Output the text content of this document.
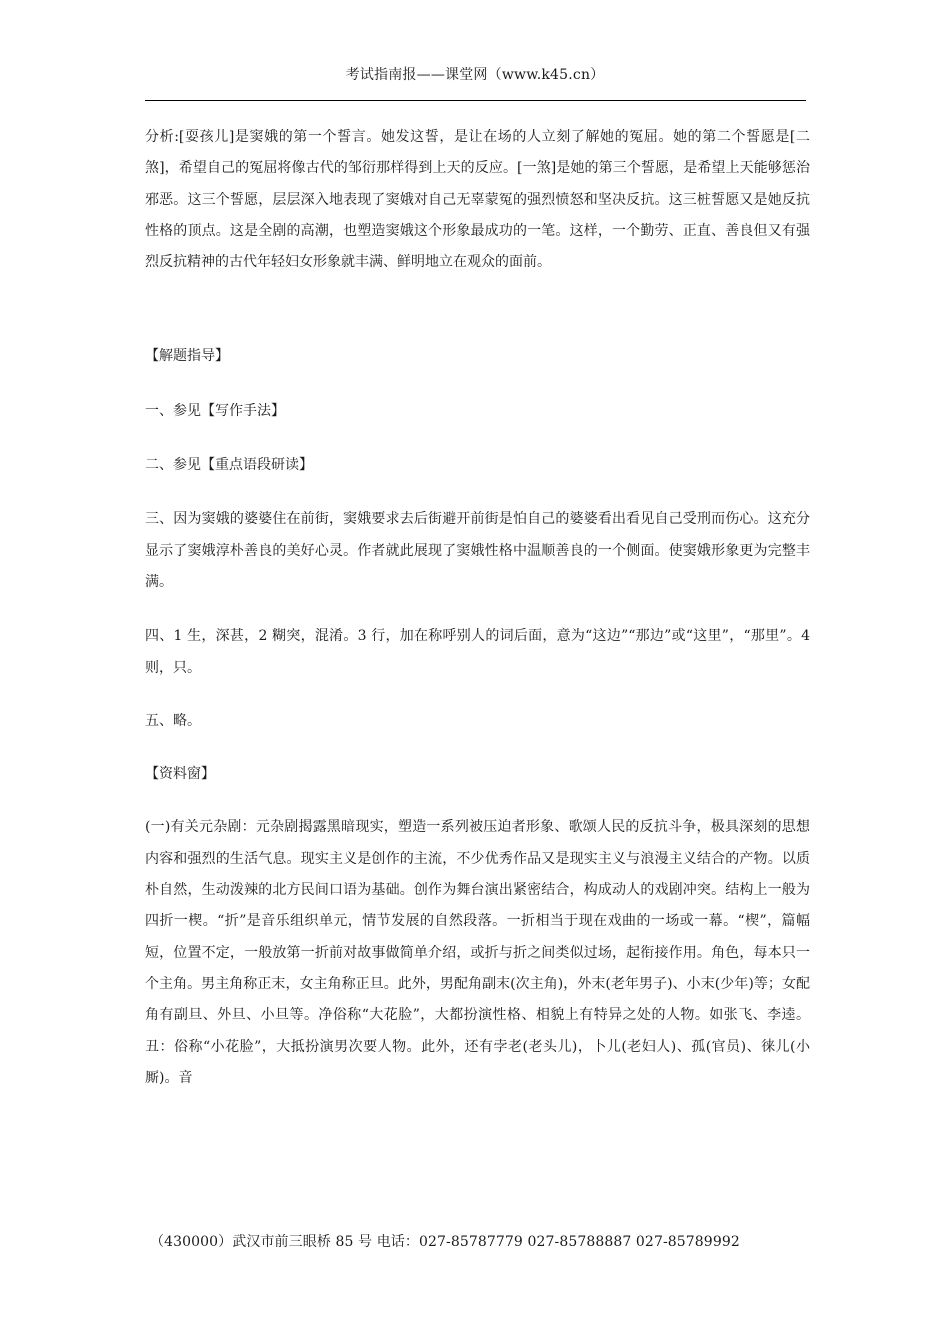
考试指南报——课堂网（www.k45.cn）

分析:[耍孩儿]是窦娥的第一个誓言。她发这誓，是让在场的人立刻了解她的冤屈。她的第二个誓愿是[二煞]，希望自己的冤屈将像古代的邹衍那样得到上天的反应。[一煞]是她的第三个誓愿，是希望上天能够惩治邪恶。这三个誓愿，层层深入地表现了窦娥对自己无辜蒙冤的强烈愤怒和坚决反抗。这三桩誓愿又是她反抗性格的顶点。这是全剧的高潮，也塑造窦娥这个形象最成功的一笔。这样，一个勤劳、正直、善良但又有强烈反抗精神的古代年轻妇女形象就丰满、鲜明地立在观众的面前。

【解题指导】

一、参见【写作手法】

二、参见【重点语段研读】

三、因为窦娥的婆婆住在前街，窦娥要求去后街避开前街是怕自己的婆婆看出看见自己受刑而伤心。这充分显示了窦娥淳朴善良的美好心灵。作者就此展现了窦娥性格中温顺善良的一个侧面。使窦娥形象更为完整丰满。

四、1 生，深甚，2 糊突，混淆。3 行，加在称呼别人的词后面，意为“这边”“那边”或“这里”，“那里”。4 则，只。

五、略。

【资料窗】

(一)有关元杂剧：元杂剧揭露黑暗现实，塑造一系列被压迫者形象、歌颂人民的反抗斗争，极具深刻的思想内容和强烈的生活气息。现实主义是创作的主流，不少优秀作品又是现实主义与浪漫主义结合的产物。以质朴自然，生动泼辣的北方民间口语为基础。创作为舞台演出紧密结合，构成动人的戏剧冲突。结构上一般为四折一楔。“折”是音乐组织单元，情节发展的自然段落。一折相当于现在戏曲的一场或一幕。“楔”，篇幅短，位置不定，一般放第一折前对故事做简单介绍，或折与折之间类似过场，起衔接作用。角色，每本只一个主角。男主角称正末，女主角称正旦。此外，男配角副末(次主角)，外末(老年男子)、小末(少年)等；女配角有副旦、外旦、小旦等。净俗称“大花脸”，大都扮演性格、相貌上有特异之处的人物。如张飞、李逵。丑：俗称“小花脸”，大抵扮演男次要人物。此外，还有孛老(老头儿)，卜儿(老妇人)、孤(官员)、徕儿(小厮)。音

（430000）武汉市前三眼桥 85 号 电话：027-85787779 027-85788887 027-85789992
